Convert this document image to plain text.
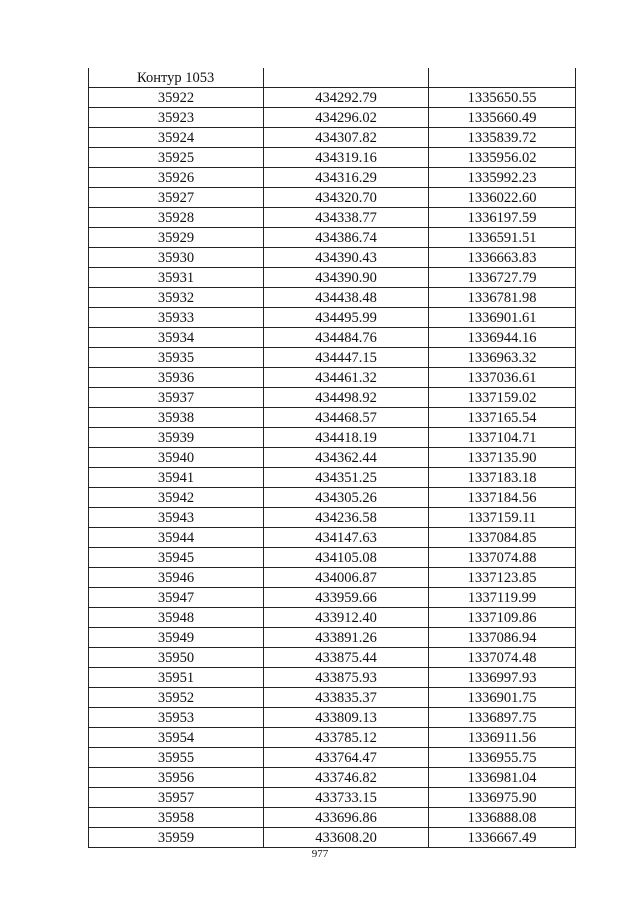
Контур 1053		
35922	434292.79	1335650.55
35923	434296.02	1335660.49
35924	434307.82	1335839.72
35925	434319.16	1335956.02
35926	434316.29	1335992.23
35927	434320.70	1336022.60
35928	434338.77	1336197.59
35929	434386.74	1336591.51
35930	434390.43	1336663.83
35931	434390.90	1336727.79
35932	434438.48	1336781.98
35933	434495.99	1336901.61
35934	434484.76	1336944.16
35935	434447.15	1336963.32
35936	434461.32	1337036.61
35937	434498.92	1337159.02
35938	434468.57	1337165.54
35939	434418.19	1337104.71
35940	434362.44	1337135.90
35941	434351.25	1337183.18
35942	434305.26	1337184.56
35943	434236.58	1337159.11
35944	434147.63	1337084.85
35945	434105.08	1337074.88
35946	434006.87	1337123.85
35947	433959.66	1337119.99
35948	433912.40	1337109.86
35949	433891.26	1337086.94
35950	433875.44	1337074.48
35951	433875.93	1336997.93
35952	433835.37	1336901.75
35953	433809.13	1336897.75
35954	433785.12	1336911.56
35955	433764.47	1336955.75
35956	433746.82	1336981.04
35957	433733.15	1336975.90
35958	433696.86	1336888.08
35959	433608.20	1336667.49
977
